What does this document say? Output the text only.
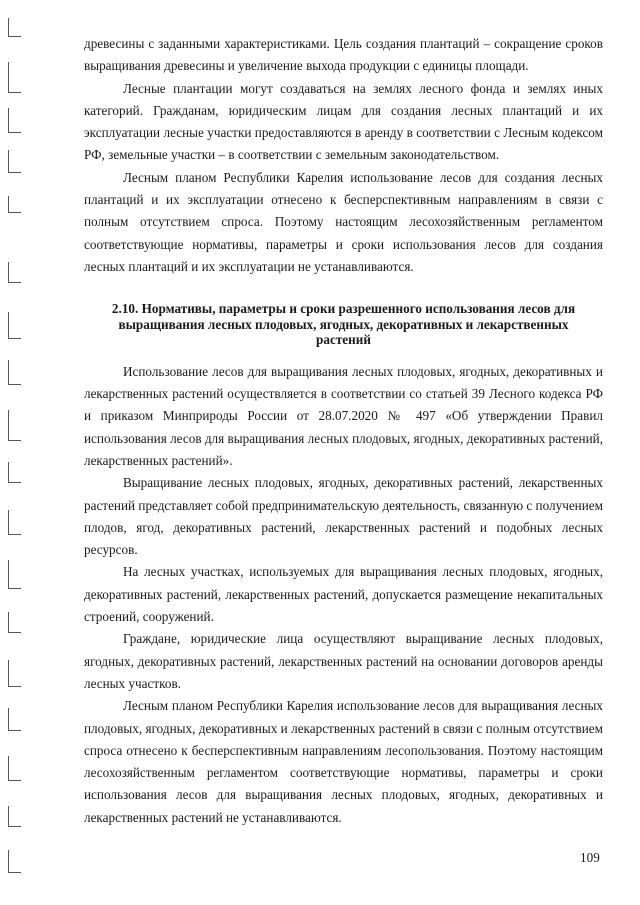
древесины с заданными характеристиками. Цель создания плантаций – сокращение сроков выращивания древесины и увеличение выхода продукции с единицы площади.

Лесные плантации могут создаваться на землях лесного фонда и землях иных категорий. Гражданам, юридическим лицам для создания лесных плантаций и их эксплуатации лесные участки предоставляются в аренду в соответствии с Лесным кодексом РФ, земельные участки – в соответствии с земельным законодательством.

Лесным планом Республики Карелия использование лесов для создания лесных плантаций и их эксплуатации отнесено к бесперспективным направлениям в связи с полным отсутствием спроса. Поэтому настоящим лесохозяйственным регламентом соответствующие нормативы, параметры и сроки использования лесов для создания лесных плантаций и их эксплуатации не устанавливаются.

2.10. Нормативы, параметры и сроки разрешенного использования лесов для выращивания лесных плодовых, ягодных, декоративных и лекарственных растений

Использование лесов для выращивания лесных плодовых, ягодных, декоративных и лекарственных растений осуществляется в соответствии со статьей 39 Лесного кодекса РФ и приказом Минприроды России от 28.07.2020 № 497 «Об утверждении Правил использования лесов для выращивания лесных плодовых, ягодных, декоративных растений, лекарственных растений».

Выращивание лесных плодовых, ягодных, декоративных растений, лекарственных растений представляет собой предпринимательскую деятельность, связанную с получением плодов, ягод, декоративных растений, лекарственных растений и подобных лесных ресурсов.

На лесных участках, используемых для выращивания лесных плодовых, ягодных, декоративных растений, лекарственных растений, допускается размещение некапитальных строений, сооружений.

Граждане, юридические лица осуществляют выращивание лесных плодовых, ягодных, декоративных растений, лекарственных растений на основании договоров аренды лесных участков.

Лесным планом Республики Карелия использование лесов для выращивания лесных плодовых, ягодных, декоративных и лекарственных растений в связи с полным отсутствием спроса отнесено к бесперспективным направлениям лесопользования. Поэтому настоящим лесохозяйственным регламентом соответствующие нормативы, параметры и сроки использования лесов для выращивания лесных плодовых, ягодных, декоративных и лекарственных растений не устанавливаются.

109
